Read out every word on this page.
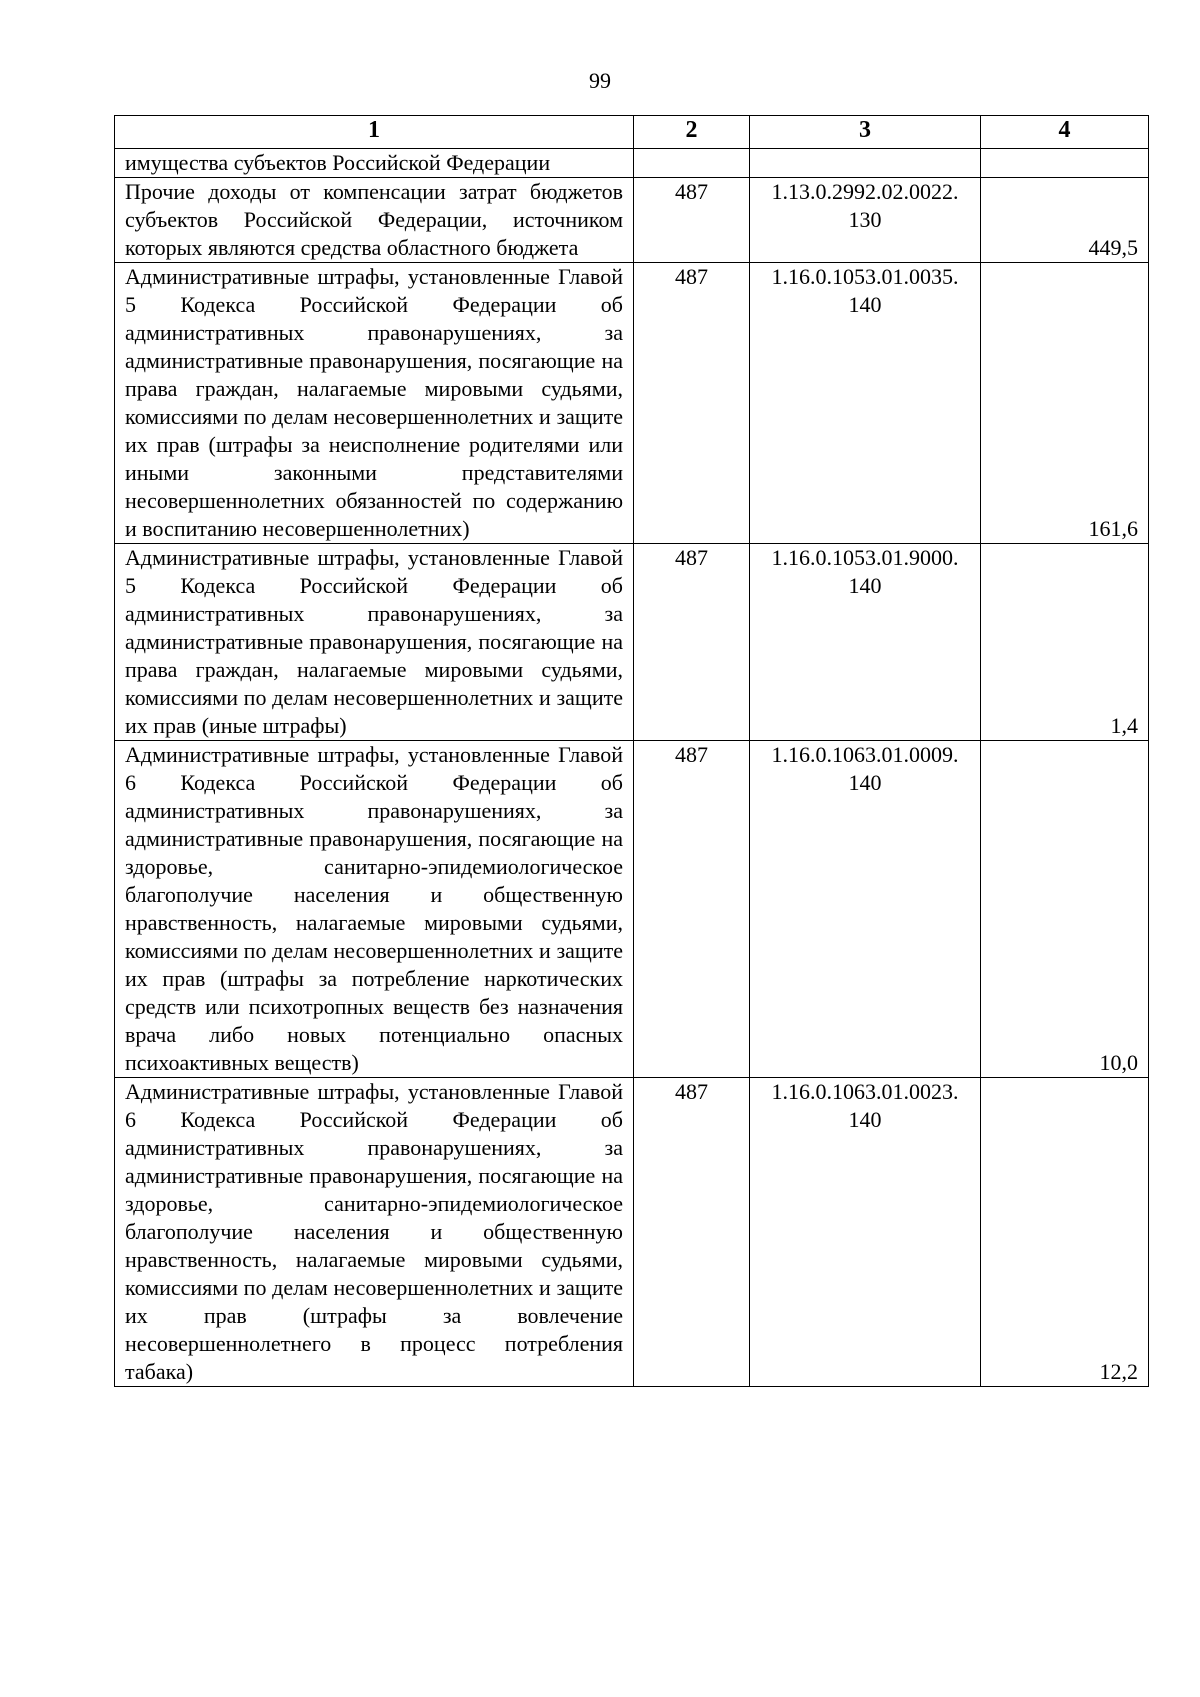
99
1	2	3	4
имущества субъектов Российской Федерации			
Прочие доходы от компенсации затрат бюджетов субъектов Российской Федерации, источником которых являются средства областного бюджета	487	1.13.0.2992.02.0022. 130	449,5
Административные штрафы, установленные Главой 5 Кодекса Российской Федерации об административных правонарушениях, за административные правонарушения, посягающие на права граждан, налагаемые мировыми судьями, комиссиями по делам несовершеннолетних и защите их прав (штрафы за неисполнение родителями или иными законными представителями несовершеннолетних обязанностей по содержанию и воспитанию несовершеннолетних)	487	1.16.0.1053.01.0035. 140	161,6
Административные штрафы, установленные Главой 5 Кодекса Российской Федерации об административных правонарушениях, за административные правонарушения, посягающие на права граждан, налагаемые мировыми судьями, комиссиями по делам несовершеннолетних и защите их прав (иные штрафы)	487	1.16.0.1053.01.9000. 140	1,4
Административные штрафы, установленные Главой 6 Кодекса Российской Федерации об административных правонарушениях, за административные правонарушения, посягающие на здоровье, санитарно-эпидемиологическое благополучие населения и общественную нравственность, налагаемые мировыми судьями, комиссиями по делам несовершеннолетних и защите их прав (штрафы за потребление наркотических средств или психотропных веществ без назначения врача либо новых потенциально опасных психоактивных веществ)	487	1.16.0.1063.01.0009. 140	10,0
Административные штрафы, установленные Главой 6 Кодекса Российской Федерации об административных правонарушениях, за административные правонарушения, посягающие на здоровье, санитарно-эпидемиологическое благополучие населения и общественную нравственность, налагаемые мировыми судьями, комиссиями по делам несовершеннолетних и защите их прав (штрафы за вовлечение несовершеннолетнего в процесс потребления табака)	487	1.16.0.1063.01.0023. 140	12,2
